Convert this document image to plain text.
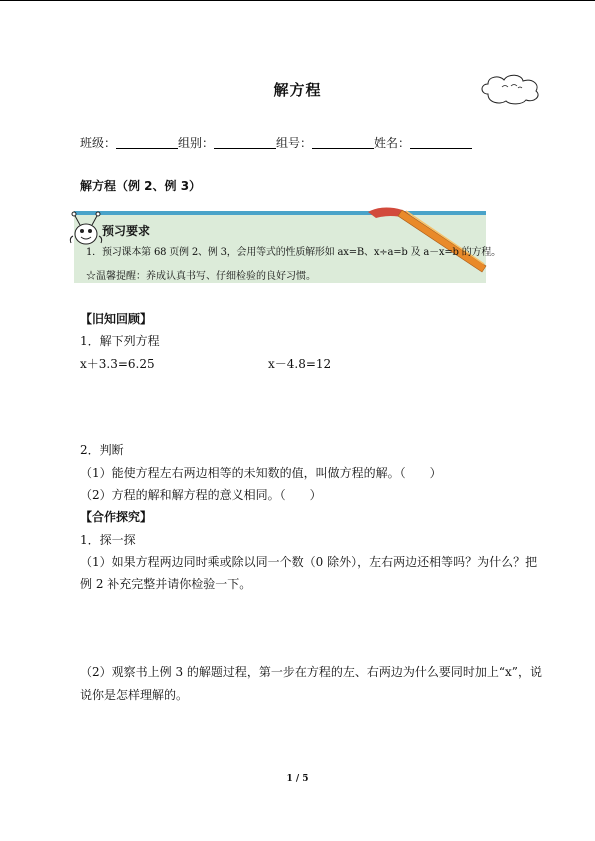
解方程
班级：	组别：	组号：	姓名：
解方程（例 2、例 3）
预习要求
1．预习课本第 68 页例 2、例 3，会用等式的性质解形如 ax=B、x÷a=b 及 a－x=b 的方程。
☆温馨提醒：养成认真书写、仔细检验的良好习惯。
【旧知回顾】
1．解下列方程
x＋3.3=6.25	x－4.8=12
2．判断
（1）能使方程左右两边相等的未知数的值，叫做方程的解。（　　）
（2）方程的解和解方程的意义相同。（　　）
【合作探究】
1．探一探
（1）如果方程两边同时乘或除以同一个数（0 除外），左右两边还相等吗？为什么？把
例 2 补充完整并请你检验一下。
（2）观察书上例 3 的解题过程，第一步在方程的左、右两边为什么要同时加上“x”，说
说你是怎样理解的。
1 / 5
